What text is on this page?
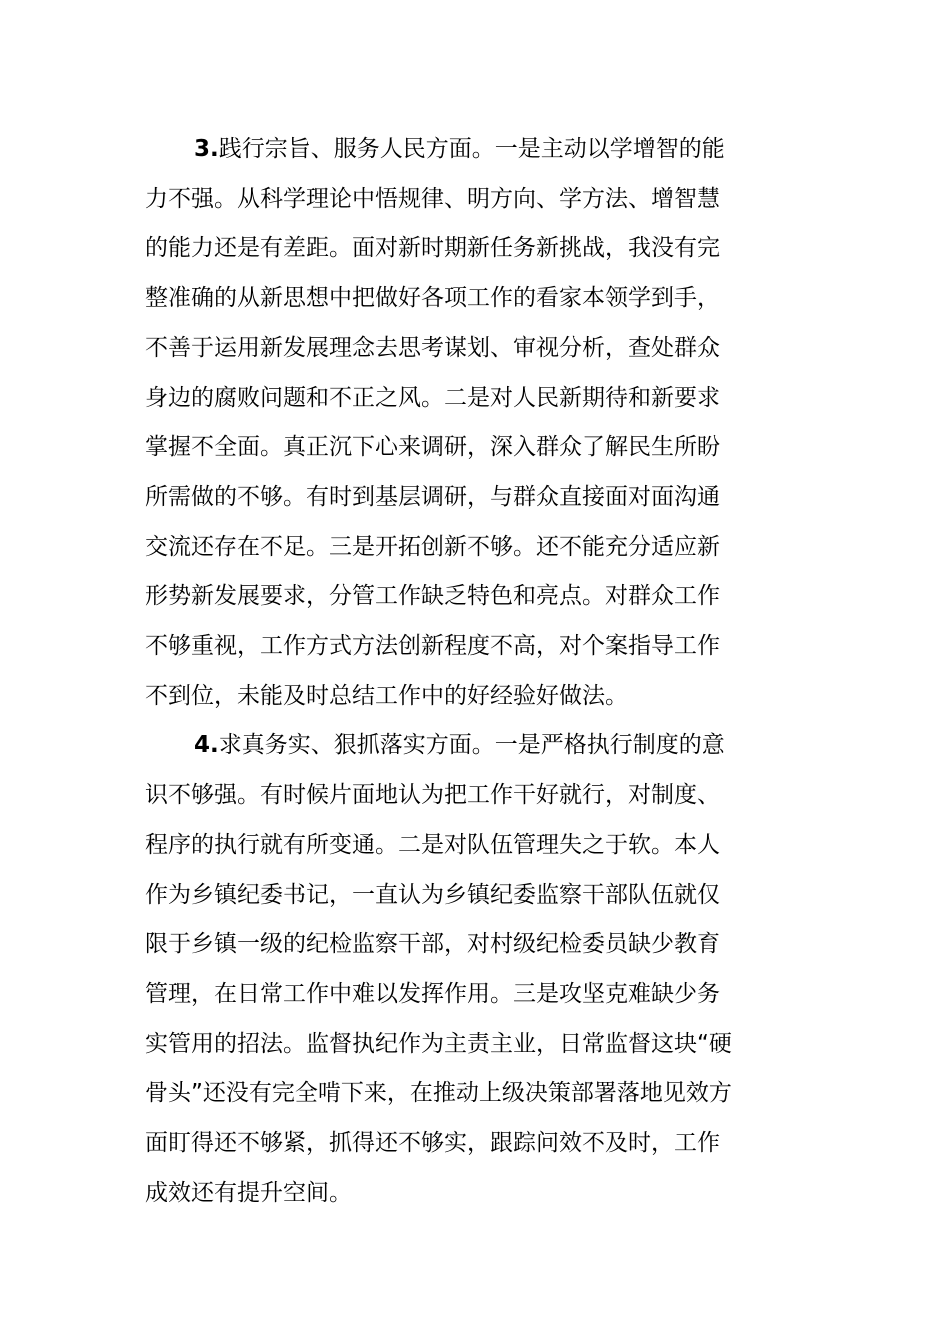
3.践行宗旨、服务人民方面。一是主动以学增智的能
力不强。从科学理论中悟规律、明方向、学方法、增智慧
的能力还是有差距。面对新时期新任务新挑战，我没有完
整准确的从新思想中把做好各项工作的看家本领学到手，
不善于运用新发展理念去思考谋划、审视分析，查处群众
身边的腐败问题和不正之风。二是对人民新期待和新要求
掌握不全面。真正沉下心来调研，深入群众了解民生所盼
所需做的不够。有时到基层调研，与群众直接面对面沟通
交流还存在不足。三是开拓创新不够。还不能充分适应新
形势新发展要求，分管工作缺乏特色和亮点。对群众工作
不够重视，工作方式方法创新程度不高，对个案指导工作
不到位，未能及时总结工作中的好经验好做法。
4.求真务实、狠抓落实方面。一是严格执行制度的意
识不够强。有时候片面地认为把工作干好就行，对制度、
程序的执行就有所变通。二是对队伍管理失之于软。本人
作为乡镇纪委书记，一直认为乡镇纪委监察干部队伍就仅
限于乡镇一级的纪检监察干部，对村级纪检委员缺少教育
管理，在日常工作中难以发挥作用。三是攻坚克难缺少务
实管用的招法。监督执纪作为主责主业，日常监督这块“硬
骨头”还没有完全啃下来，在推动上级决策部署落地见效方
面盯得还不够紧，抓得还不够实，跟踪问效不及时，工作
成效还有提升空间。
